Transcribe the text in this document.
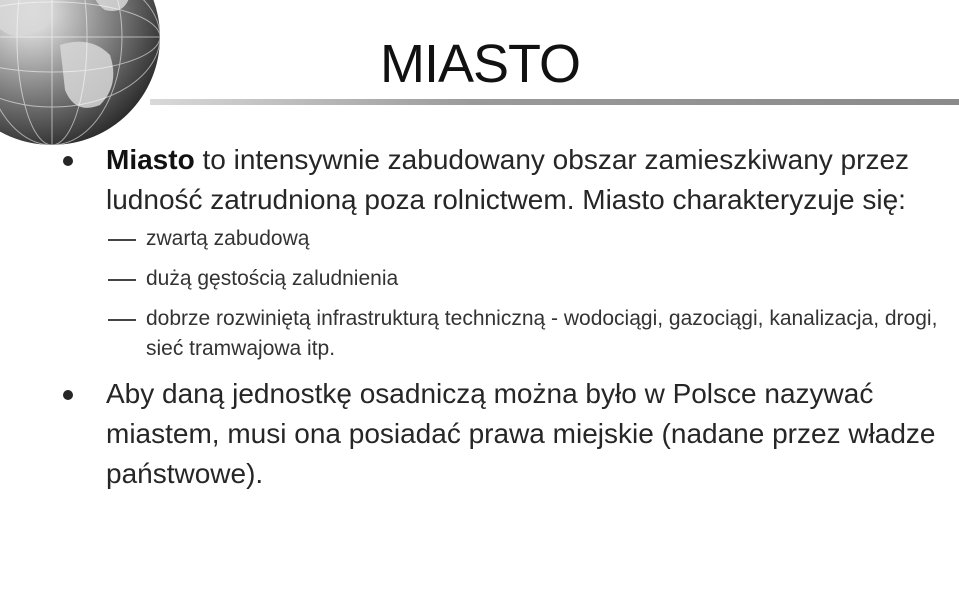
MIASTO
Miasto to intensywnie zabudowany obszar zamieszkiwany przez ludność zatrudnioną poza rolnictwem. Miasto charakteryzuje się:
zwartą zabudową
dużą gęstością zaludnienia
dobrze rozwiniętą infrastrukturą techniczną - wodociągi, gazociągi, kanalizacja, drogi, sieć tramwajowa itp.
Aby daną jednostkę osadniczą można było w Polsce nazywać miastem, musi ona posiadać prawa miejskie (nadane przez władze państwowe).
